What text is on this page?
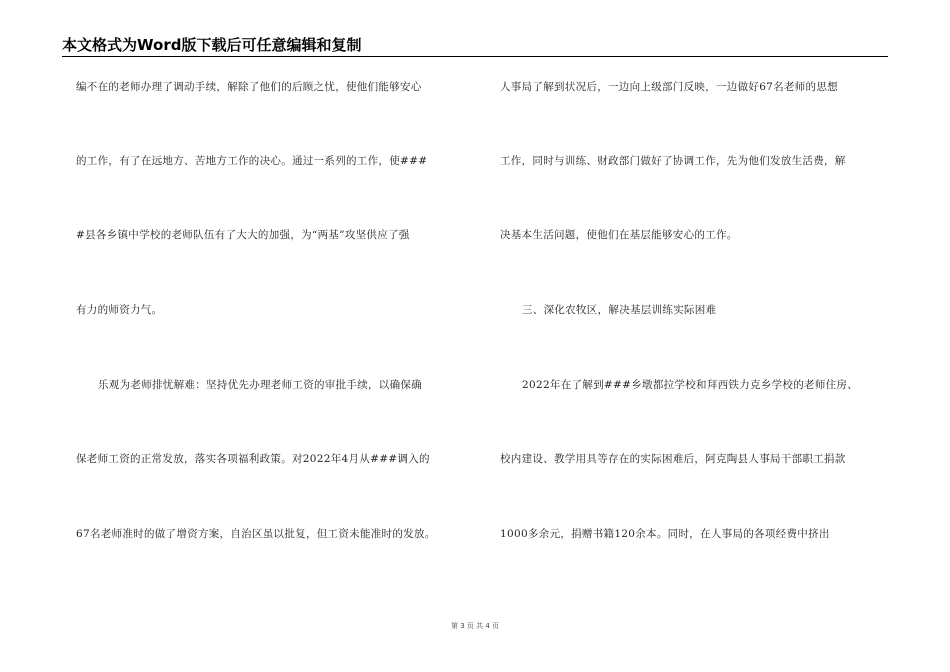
本文格式为Word版下载后可任意编辑和复制
编不在的老师办理了调动手续，解除了他们的后顾之忧，使他们能够安心
的工作，有了在远地方、苦地方工作的决心。通过一系列的工作，使###
#县各乡镇中学校的老师队伍有了大大的加强，为“两基”攻坚供应了强
有力的师资力气。
乐观为老师排忧解难：坚持优先办理老师工资的审批手续，以确保确
保老师工资的正常发放，落实各项福利政策。对2022年4月从###调入的
67名老师准时的做了增资方案，自治区虽以批复，但工资未能准时的发放。
人事局了解到状况后，一边向上级部门反映，一边做好67名老师的思想
工作，同时与训练、财政部门做好了协调工作，先为他们发放生活费，解
决基本生活问题，使他们在基层能够安心的工作。
三、深化农牧区，解决基层训练实际困难
2022年在了解到###乡墩都拉学校和拜西铁力克乡学校的老师住房、
校内建设、教学用具等存在的实际困难后，阿克陶县人事局干部职工捐款
1000多余元，捐赠书籍120余本。同时，在人事局的各项经费中挤出
第 3 页 共 4 页
